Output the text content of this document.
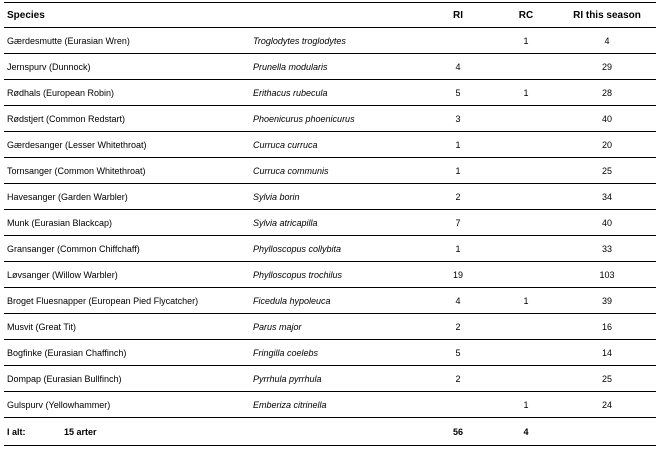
Species		RI	RC	RI this season
Gærdesmutte (Eurasian Wren)	Troglodytes troglodytes		1	4
Jernspurv (Dunnock)	Prunella modularis	4		29
Rødhals (European Robin)	Erithacus rubecula	5	1	28
Rødstjert (Common Redstart)	Phoenicurus phoenicurus	3		40
Gærdesanger (Lesser Whitethroat)	Curruca curruca	1		20
Tornsanger (Common Whitethroat)	Curruca communis	1		25
Havesanger (Garden Warbler)	Sylvia borin	2		34
Munk (Eurasian Blackcap)	Sylvia atricapilla	7		40
Gransanger (Common Chiffchaff)	Phylloscopus collybita	1		33
Løvsanger (Willow Warbler)	Phylloscopus trochilus	19		103
Broget Fluesnapper (European Pied Flycatcher)	Ficedula hypoleuca	4	1	39
Musvit (Great Tit)	Parus major	2		16
Bogfinke (Eurasian Chaffinch)	Fringilla coelebs	5		14
Dompap (Eurasian Bullfinch)	Pyrrhula pyrrhula	2		25
Gulspurv (Yellowhammer)	Emberiza citrinella		1	24
I alt: 15 arter		56	4	
